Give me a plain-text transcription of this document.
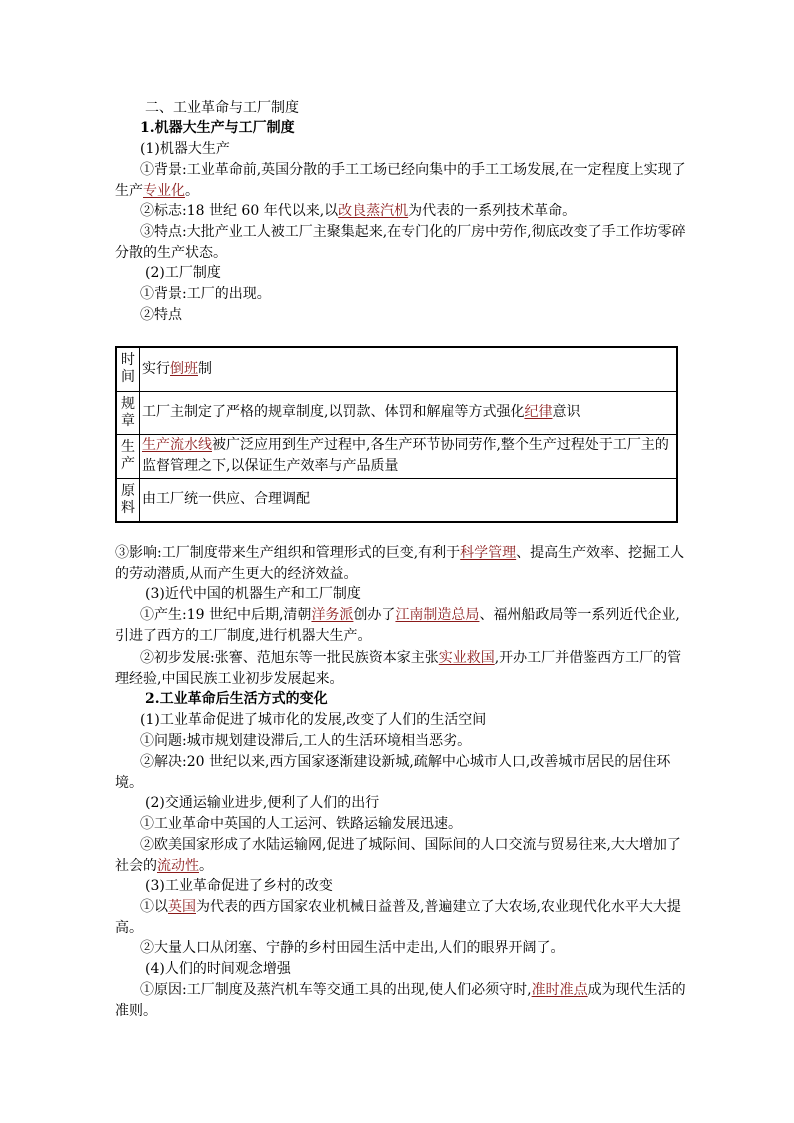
二、工业革命与工厂制度
1.机器大生产与工厂制度
(1)机器大生产
①背景:工业革命前,英国分散的手工工场已经向集中的手工工场发展,在一定程度上实现了生产专业化。
②标志:18 世纪 60 年代以来,以改良蒸汽机为代表的一系列技术革命。
③特点:大批产业工人被工厂主聚集起来,在专门化的厂房中劳作,彻底改变了手工作坊零碎分散的生产状态。
(2)工厂制度
①背景:工厂的出现。
②特点
时间	实行倒班制
规章	工厂主制定了严格的规章制度,以罚款、体罚和解雇等方式强化纪律意识
生产	生产流水线被广泛应用到生产过程中,各生产环节协同劳作,整个生产过程处于工厂主的监督管理之下,以保证生产效率与产品质量
原料	由工厂统一供应、合理调配
③影响:工厂制度带来生产组织和管理形式的巨变,有利于科学管理、提高生产效率、挖掘工人的劳动潜质,从而产生更大的经济效益。
(3)近代中国的机器生产和工厂制度
①产生:19 世纪中后期,清朝洋务派创办了江南制造总局、福州船政局等一系列近代企业,引进了西方的工厂制度,进行机器大生产。
②初步发展:张謇、范旭东等一批民族资本家主张实业救国,开办工厂并借鉴西方工厂的管理经验,中国民族工业初步发展起来。
2.工业革命后生活方式的变化
(1)工业革命促进了城市化的发展,改变了人们的生活空间
①问题:城市规划建设滞后,工人的生活环境相当恶劣。
②解决:20 世纪以来,西方国家逐渐建设新城,疏解中心城市人口,改善城市居民的居住环境。
(2)交通运输业进步,便利了人们的出行
①工业革命中英国的人工运河、铁路运输发展迅速。
②欧美国家形成了水陆运输网,促进了城际间、国际间的人口交流与贸易往来,大大增加了社会的流动性。
(3)工业革命促进了乡村的改变
①以英国为代表的西方国家农业机械日益普及,普遍建立了大农场,农业现代化水平大大提高。
②大量人口从闭塞、宁静的乡村田园生活中走出,人们的眼界开阔了。
(4)人们的时间观念增强
①原因:工厂制度及蒸汽机车等交通工具的出现,使人们必须守时,准时准点成为现代生活的准则。
